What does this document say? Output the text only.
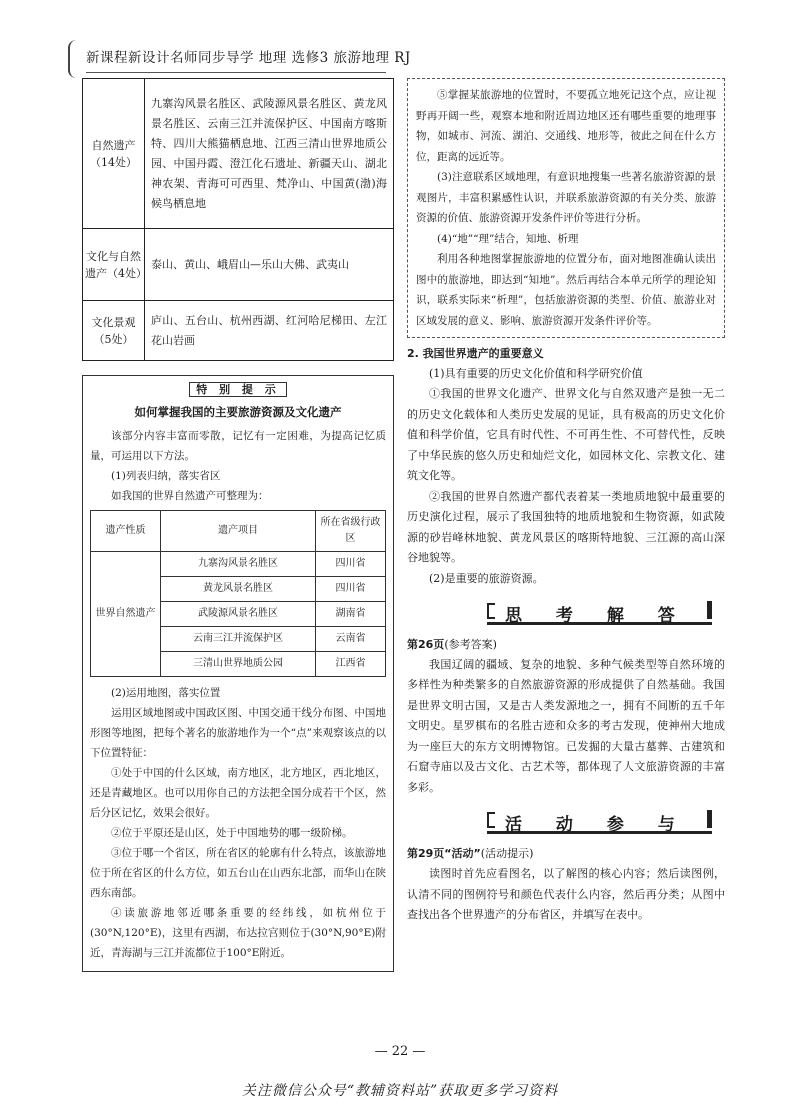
新课程新设计名师同步导学 地理 选修3 旅游地理 RJ
自然遗产（14处）	九寨沟风景名胜区、武陵源风景名胜区、黄龙风景名胜区、云南三江并流保护区、中国南方喀斯特、四川大熊猫栖息地、江西三清山世界地质公园、中国丹霞、澄江化石遗址、新疆天山、湖北神农架、青海可可西里、梵净山、中国黄(渤)海候鸟栖息地
文化与自然遗产（4处）	泰山、黄山、峨眉山—乐山大佛、武夷山
文化景观（5处）	庐山、五台山、杭州西湖、红河哈尼梯田、左江花山岩画
特 别 提 示
如何掌握我国的主要旅游资源及文化遗产
该部分内容丰富而零散，记忆有一定困难，为提高记忆质量，可运用以下方法。
(1)列表归纳，落实省区
如我国的世界自然遗产可整理为：
遗产性质	遗产项目	所在省级行政区
世界自然遗产	九寨沟风景名胜区	四川省
	黄龙风景名胜区	四川省
	武陵源风景名胜区	湖南省
	云南三江并流保护区	云南省
	三清山世界地质公园	江西省
(2)运用地图，落实位置
运用区域地图或中国政区图、中国交通干线分布图、中国地形图等地图，把每个著名的旅游地作为一个“点”来观察该点的以下位置特征：
①处于中国的什么区域，南方地区，北方地区，西北地区，还是青藏地区。也可以用你自己的方法把全国分成若干个区，然后分区记忆，效果会很好。
②位于平原还是山区，处于中国地势的哪一级阶梯。
③位于哪一个省区，所在省区的轮廓有什么特点，该旅游地位于所在省区的什么方位，如五台山在山西东北部，而华山在陕西东南部。
④读旅游地邻近哪条重要的经纬线，如杭州位于(30°N,120°E)，这里有西湖，布达拉宫则位于(30°N,90°E)附近，青海湖与三江并流都位于100°E附近。
⑤掌握某旅游地的位置时，不要孤立地死记这个点，应让视野再开阔一些，观察本地和附近周边地区还有哪些重要的地理事物，如城市、河流、湖泊、交通线、地形等，彼此之间在什么方位，距离的远近等。
(3)注意联系区域地理，有意识地搜集一些著名旅游资源的景观图片，丰富积累感性认识，并联系旅游资源的有关分类、旅游资源的价值、旅游资源开发条件评价等进行分析。
(4)“地”“理”结合，知地、析理
利用各种地图掌握旅游地的位置分布，面对地图准确认读出图中的旅游地，即达到“知地”。然后再结合本单元所学的理论知识，联系实际来“析理”，包括旅游资源的类型、价值、旅游业对区域发展的意义、影响、旅游资源开发条件评价等。
2. 我国世界遗产的重要意义
(1)具有重要的历史文化价值和科学研究价值
①我国的世界文化遗产、世界文化与自然双遗产是独一无二的历史文化载体和人类历史发展的见证，具有极高的历史文化价值和科学价值，它具有时代性、不可再生性、不可替代性，反映了中华民族的悠久历史和灿烂文化，如园林文化、宗教文化、建筑文化等。
②我国的世界自然遗产都代表着某一类地质地貌中最重要的历史演化过程，展示了我国独特的地质地貌和生物资源，如武陵源的砂岩峰林地貌、黄龙风景区的喀斯特地貌、三江源的高山深谷地貌等。
(2)是重要的旅游资源。
思 考 解 答
第26页(参考答案)
我国辽阔的疆域、复杂的地貌、多种气候类型等自然环境的多样性为种类繁多的自然旅游资源的形成提供了自然基础。我国是世界文明古国，又是古人类发源地之一，拥有不间断的五千年文明史。星罗棋布的名胜古迹和众多的考古发现，使神州大地成为一座巨大的东方文明博物馆。已发掘的大量古墓葬、古建筑和石窟寺庙以及古文化、古艺术等，都体现了人文旅游资源的丰富多彩。
活 动 参 与
第29页“活动”(活动提示)
读图时首先应看图名，以了解图的核心内容；然后读图例，认清不同的图例符号和颜色代表什么内容，然后再分类；从图中查找出各个世界遗产的分布省区，并填写在表中。
— 22 —
关注微信公众号“教辅资料站”获取更多学习资料
